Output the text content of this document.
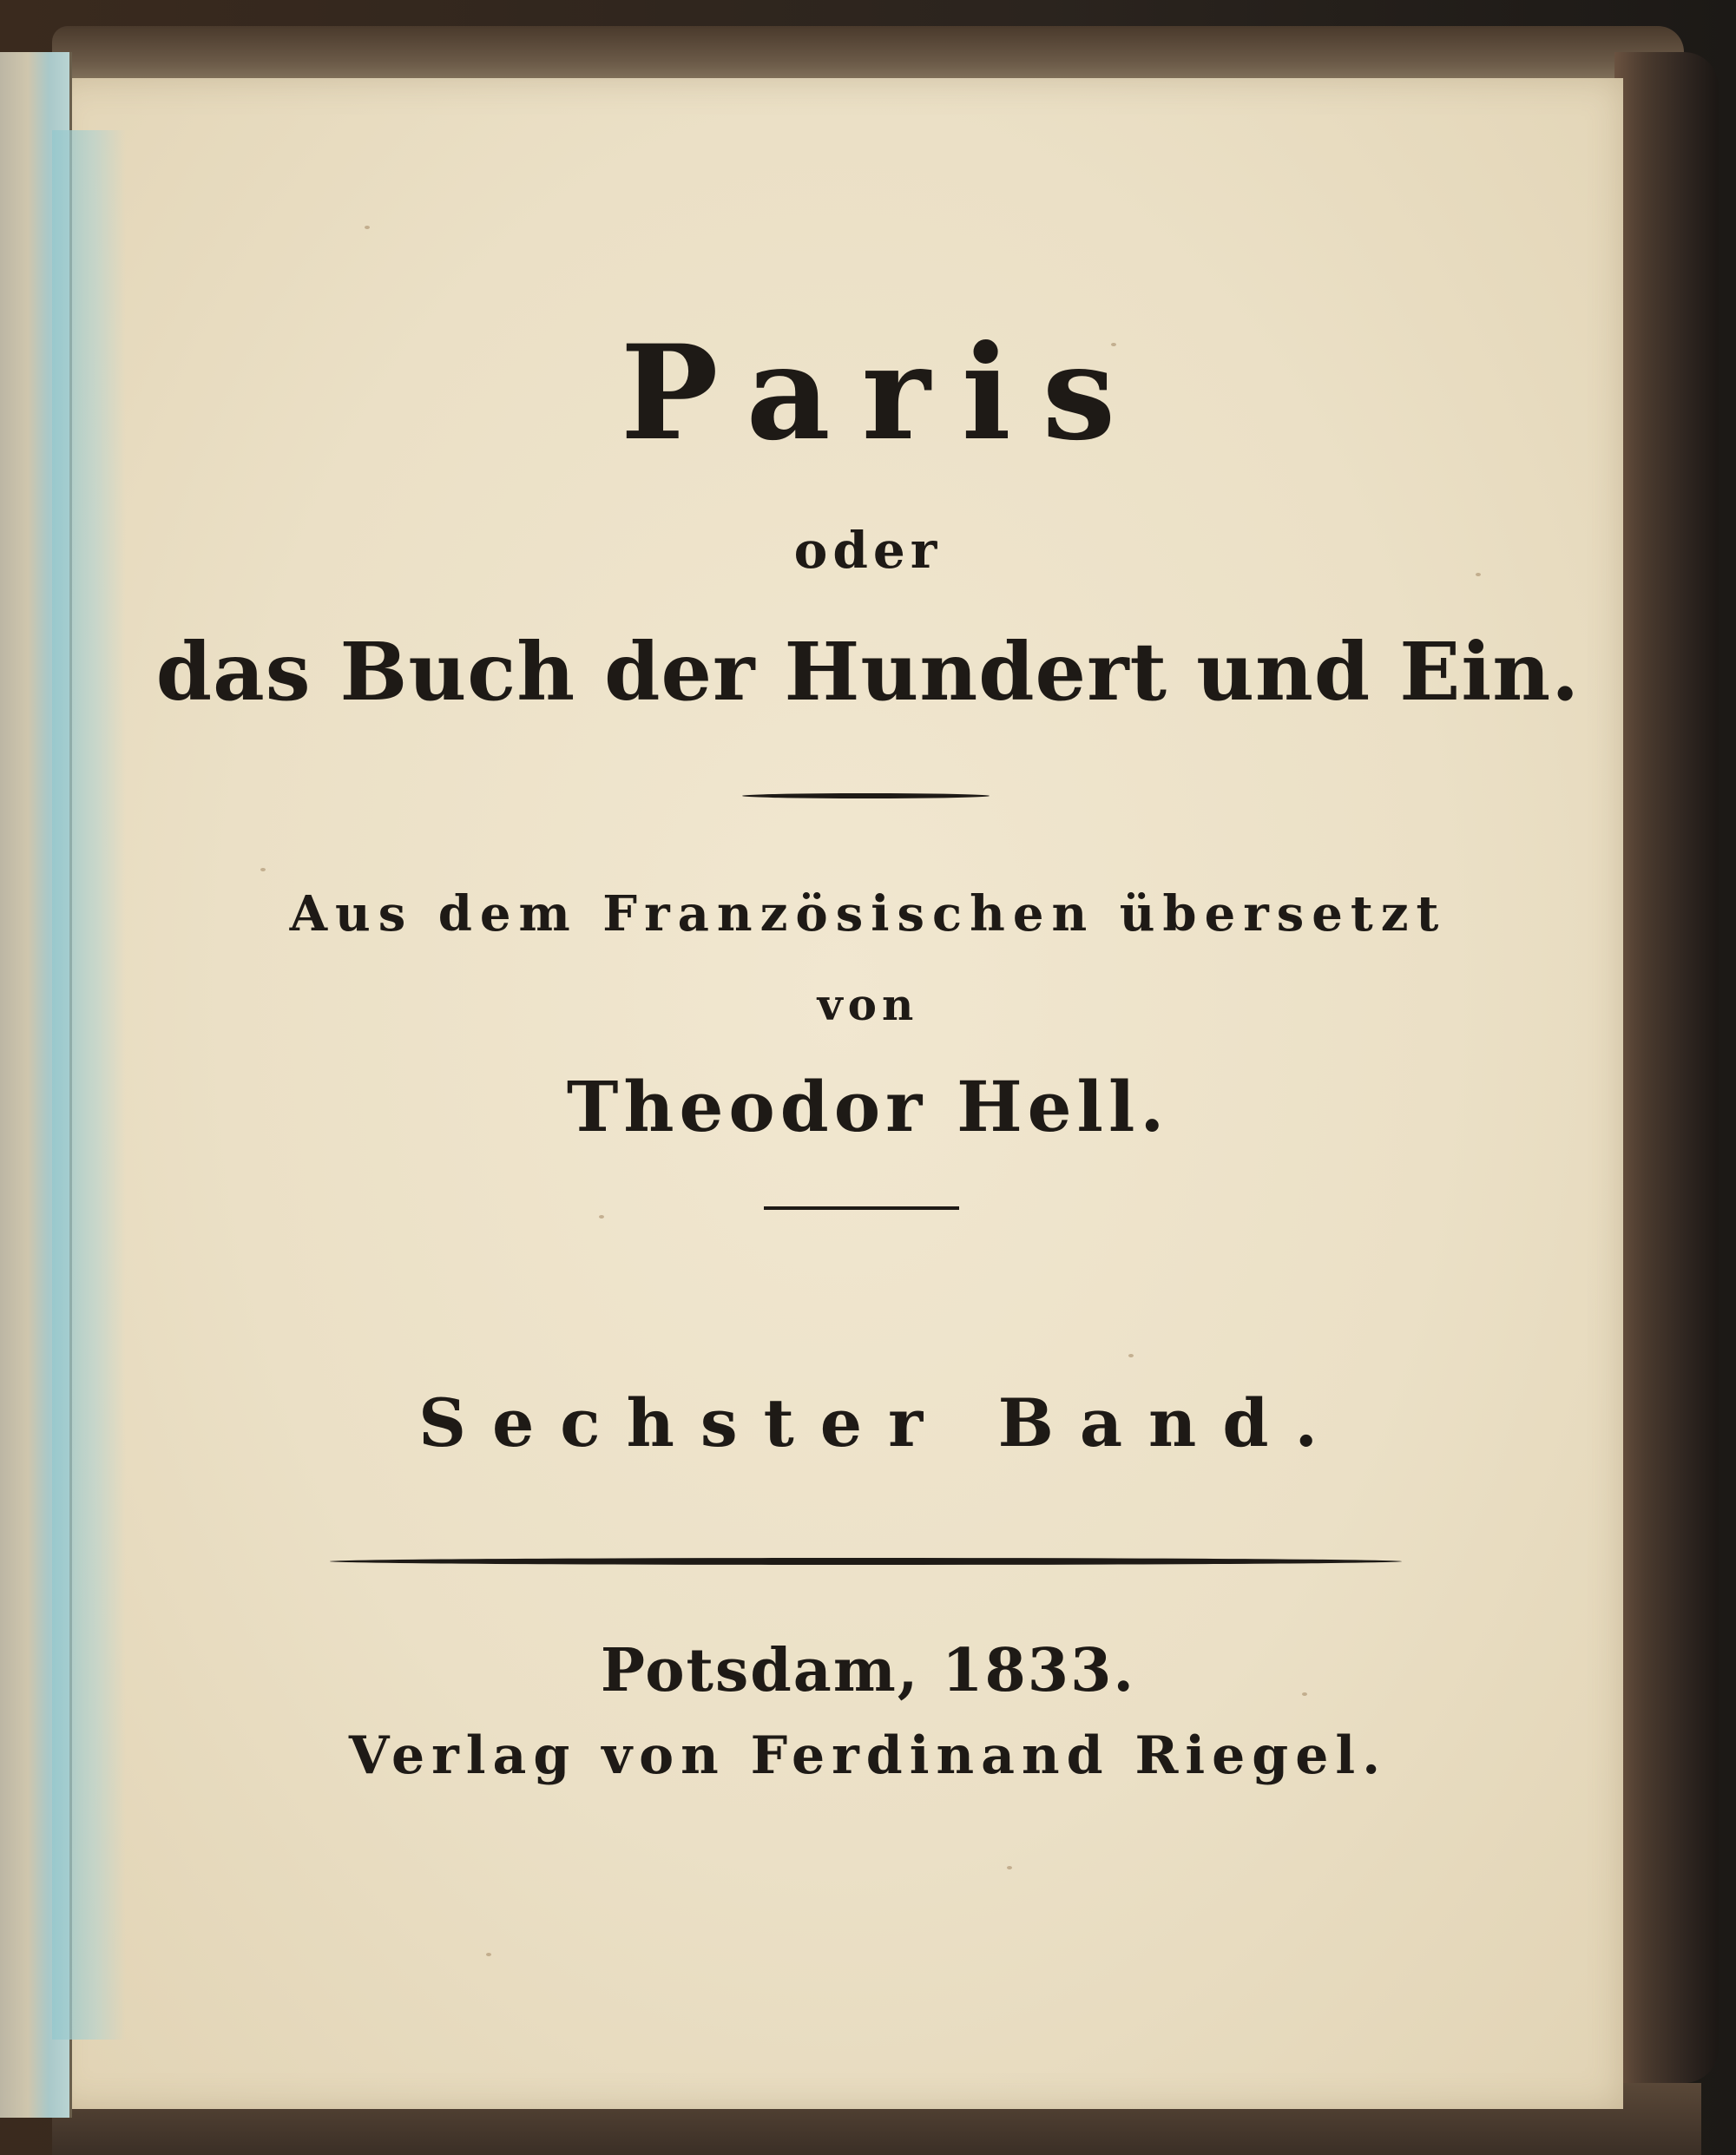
Paris
oder
das Buch der Hundert und Ein.
Aus dem Französischen übersetzt
von
Theodor Hell.
Sechster Band.
Potsdam, 1833.
Verlag von Ferdinand Riegel.
